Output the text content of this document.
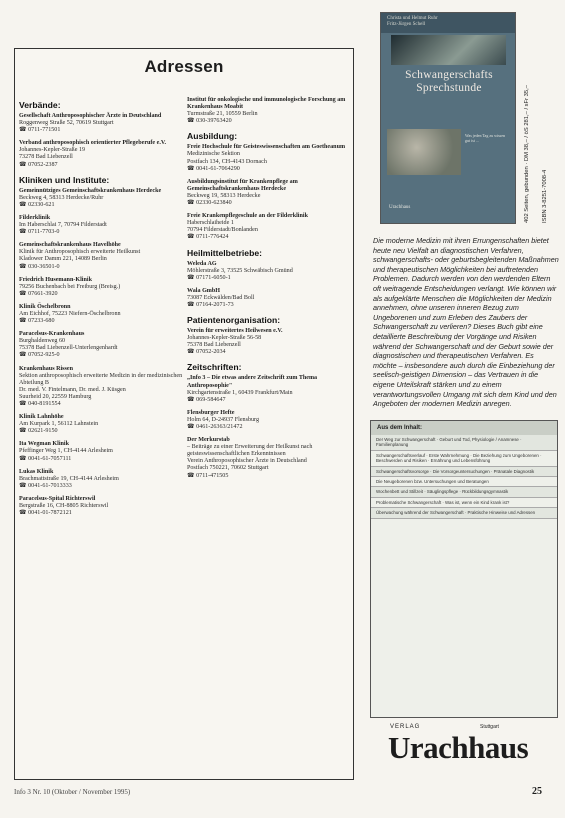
Adressen
Verbände:
Gesellschaft Anthroposophischer Ärzte in Deutschland
Roggenweg Straße 52, 70619 Stuttgart
☎ 0711-771501
Verband anthroposophisch orientierter Pflegeberufe e.V.
Johannes-Kepler-Straße 19
73278 Bad Liebenzell
☎ 07052-2387
Kliniken und Institute:
Gemeinnütziges Gemeinschaftskrankenhaus Herdecke
Beckweg 4, 58313 Herdecke/Ruhr
☎ 02330-621
Filderklinik
Im Haberschlai 7, 70794 Filderstadt
☎ 0711-7703-0
Gemeinschaftskrankenhaus Havelhöhe
Klinik für Anthroposophisch erweiterte Heilkunst
Kladower Damm 221, 14089 Berlin
☎ 030-36501-0
Friedrich Husemann-Klinik
79256 Buchenbach bei Freiburg (Breisg.)
☎ 07661-3920
Klinik Öschelbronn
Am Eichhof, 75223 Niefern-Öschelbronn
☎ 07233-680
Paracelsus-Krankenhaus
Burghaldenweg 60
75378 Bad Liebenzell-Unterlengenhardt
☎ 07052-925-0
Krankenhaus Rissen
Sektion anthroposophisch erweiterte Medizin in der medizinischen Abteilung B
Dr. med. V. Fintelmann, Dr. med. J. Küsgen
Suurheid 20, 22559 Hamburg
☎ 040-8191554
Klinik Lahnhöhe
Am Kurpark 1, 56112 Lahnstein
☎ 02621-9150
Ita Wegman Klinik
Pfeffinger Weg 1, CH-4144 Arlesheim
☎ 0041-61-7057111
Lukas Klinik
Brachmattstraße 19, CH-4144 Arlesheim
☎ 0041-61-7013333
Paracelsus-Spital Richterswil
Bergstraße 16, CH-8805 Richterswil
☎ 0041-01-7872121
Institut für onkologische und immunologische Forschung am Krankenhaus Moabit
Turmstraße 21, 10559 Berlin
☎ 030-39763420
Ausbildung:
Freie Hochschule für Geisteswissenschaften am Goetheanum
Medizinische Sektion
Postfach 134, CH-4143 Dornach
☎ 0041-61-7064290
Ausbildungsinstitut für Krankenpflege am Gemeinschaftskrankenhaus Herdecke
Beckweg 19, 58313 Herdecke
☎ 02330-623840
Freie Krankenpflegeschule an der Filderklinik
Haberschlaiheide 1
70794 Filderstadt/Bonlanden
☎ 0711-776424
Heilmittelbetriebe:
Weleda AG
Möhlerstraße 3, 73525 Schwäbisch Gmünd
☎ 07171-6050-1
Wala GmbH
73087 Eckwälden/Bad Boll
☎ 07164-2071-73
Patientenorganisation:
Verein für erweitertes Heilwesen e.V.
Johannes-Kepler-Straße 56-58
75378 Bad Liebenzell
☎ 07052-2034
Zeitschriften:
„Info 3 – Die etwas andere Zeitschrift zum Thema Anthroposophie"
Kirchgartenstraße 1, 60439 Frankfurt/Main
☎ 069-584647
Flensburger Hefte
Holm 64, D-24937 Flensburg
☎ 0461-26363/21472
Der Merkurstab
– Beiträge zu einer Erweiterung der Heilkunst nach geisteswissenschaftlichen Erkenntnissen
Verein Anthroposophischer Ärzte in Deutschland
Postfach 750221, 70602 Stuttgart
☎ 0711-471505
Christa und Helmut Ruhr
Fritz-Jürgen Schell
Schwangerschafts Sprechstunde
Was jeden Tag zu wissen gut ist ...
Urachhaus	402 Seiten, gebunden · DM 38,– / öS 281,– / sFr 35,– ISBN 3-8251-7008-4
Die moderne Medizin mit ihren Errungenschaften bietet heute neu Vielfalt an diagnostischen Verfahren, schwangerschafts- oder geburtsbegleitenden Maßnahmen und therapeutischen Möglichkeiten bei auftretenden Problemen. Dadurch werden von den werdenden Eltern oft weitragende Entscheidungen verlangt. Wie können wir als aufgeklärte Menschen die Möglichkeiten der Medizin annehmen, ohne unseren inneren Bezug zum Ungeborenen und zum Erleben des Zaubers der Schwangerschaft zu verlieren? Dieses Buch gibt eine detaillierte Beschreibung der Vorgänge und Risiken während der Schwangerschaft und der Geburt sowie der diagnostischen und therapeutischen Verfahren. Es möchte – insbesondere auch durch die Einbeziehung der seelisch-geistigen Dimension – das Vertrauen in die eigene Urteilskraft stärken und zu einem verantwortungsvollen Umgang mit sich dem Kind und den Angeboten der modernen Medizin anregen.
Aus dem Inhalt:
Der Weg zur Schwangerschaft · Geburt und Tod, Physiologie / Anamnese · Familienplanung
Schwangerschaftsverlauf · Erste Wahrnehmung · Die Beziehung zum Ungeborenen · Beschwerden und Risiken · Ernährung und Lebensführung
Schwangerschaftsvorsorge · Die Vorsorgeuntersuchungen · Pränatale Diagnostik
Die Neugeborenen bzw. Untersuchungen und Beratungen
Wochenbett und Stillzeit · Säuglingspflege · Rückbildungsgymnastik
Problematische Schwangerschaft · Was ist, wenn ein Kind krank ist?
Überwachung während der Schwangerschaft · Praktische Hinweise und Adressen
VERLAG	Stuttgart
Urachhaus
Info 3 Nr. 10 (Oktober / November 1995)	25
